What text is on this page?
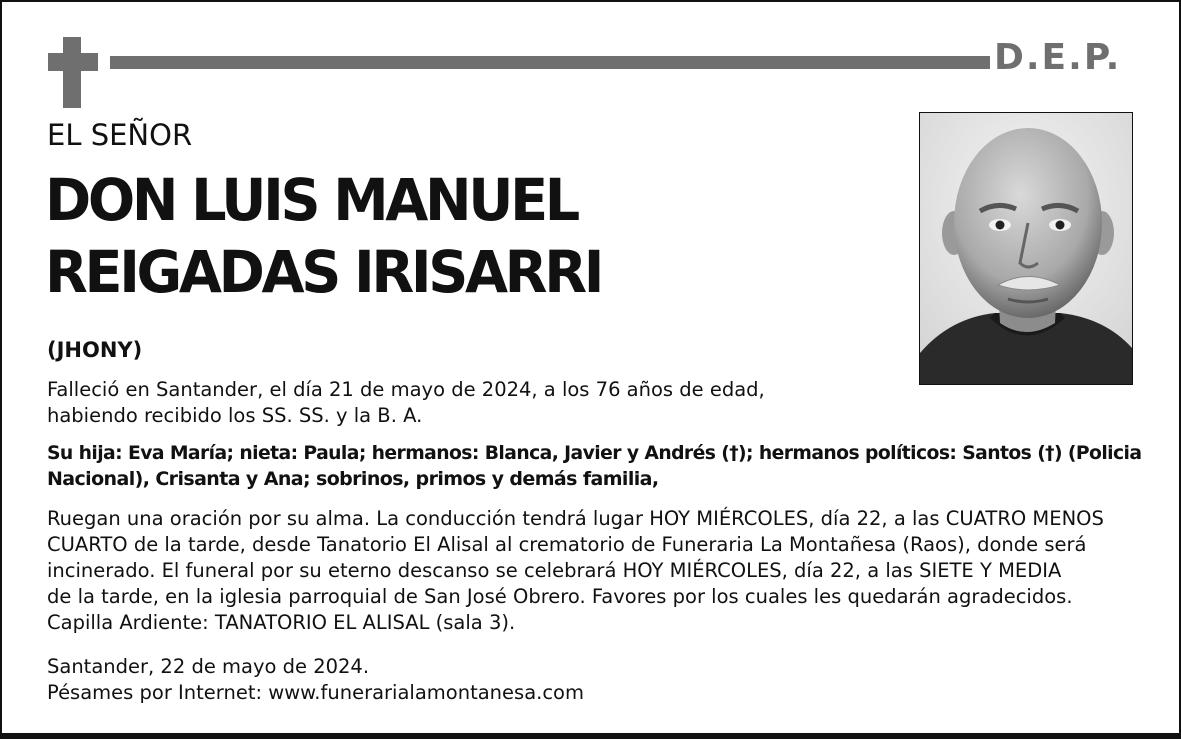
D.E.P.
EL SEÑOR
DON LUIS MANUEL
REIGADAS IRISARRI
(JHONY)
Falleció en Santander, el día 21 de mayo de 2024, a los 76 años de edad,
habiendo recibido los SS. SS. y la B. A.
Su hija: Eva María; nieta: Paula; hermanos: Blanca, Javier y Andrés (†); hermanos políticos: Santos (†) (Policia
Nacional), Crisanta y Ana; sobrinos, primos y demás familia,
Ruegan una oración por su alma. La conducción tendrá lugar HOY MIÉRCOLES, día 22, a las CUATRO MENOS
CUARTO de la tarde, desde Tanatorio El Alisal al crematorio de Funeraria La Montañesa (Raos), donde será
incinerado. El funeral por su eterno descanso se celebrará HOY MIÉRCOLES, día 22, a las SIETE Y MEDIA
de la tarde, en la iglesia parroquial de San José Obrero. Favores por los cuales les quedarán agradecidos.
Capilla Ardiente: TANATORIO EL ALISAL (sala 3).
Santander, 22 de mayo de 2024.
Pésames por Internet: www.funerarialamontanesa.com
